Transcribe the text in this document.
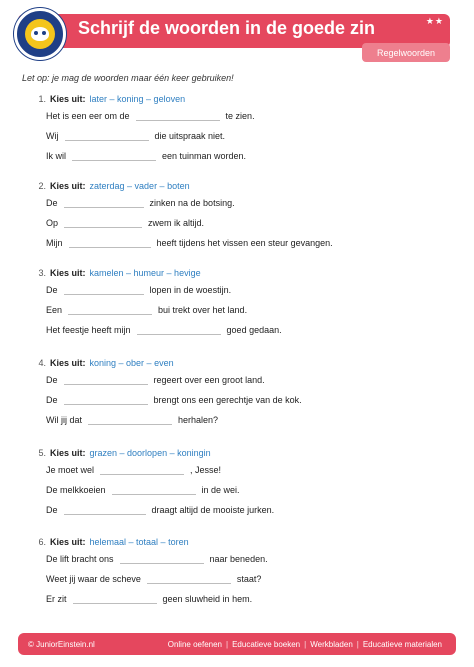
Schrijf de woorden in de goede zin	★★
Regelwoorden
Let op: je mag de woorden maar één keer gebruiken!
1. Kies uit: later – koning – geloven
Het is een eer om de	te zien.
Wij	die uitspraak niet.
Ik wil	een tuinman worden.
2. Kies uit: zaterdag – vader – boten
De	zinken na de botsing.
Op	zwem ik altijd.
Mijn	heeft tijdens het vissen een steur gevangen.
3. Kies uit: kamelen – humeur – hevige
De	lopen in de woestijn.
Een	bui trekt over het land.
Het feestje heeft mijn	goed gedaan.
4. Kies uit: koning – ober – even
De	regeert over een groot land.
De	brengt ons een gerechtje van de kok.
Wil jij dat	herhalen?
5. Kies uit: grazen – doorlopen – koningin
Je moet wel	, Jesse!
De melkkoeien	in de wei.
De	draagt altijd de mooiste jurken.
6. Kies uit: helemaal – totaal – toren
De lift bracht ons	naar beneden.
Weet jij waar de scheve	staat?
Er zit	geen sluwheid in hem.
© JuniorEinstein.nl	Online oefenen | Educatieve boeken | Werkbladen | Educatieve materialen
